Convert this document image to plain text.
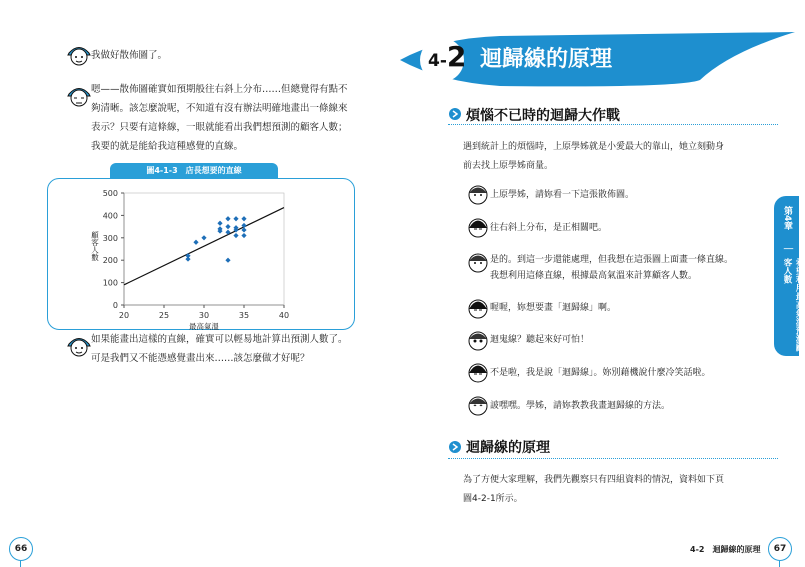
我做好散佈圖了。
嗯——散佈圖確實如預期般往右斜上分布……但總覺得有點不
夠清晰。該怎麼說呢，不知道有沒有辦法明確地畫出一條線來
表示？只要有這條線，一眼就能看出我們想預測的顧客人數；
我要的就是能給我這種感覺的直線。
圖4-1-3　店長想要的直線
0
100
200
300
400
500
20	25	30	35	40
最高氣溫
顧客人數
如果能畫出這樣的直線，確實可以輕易地計算出預測人數了。
可是我們又不能憑感覺畫出來……該怎麼做才好呢？
66
4-2 迴歸線的原理
煩惱不已時的迴歸大作戰
遇到統計上的煩惱時，上原學姊就是小愛最大的靠山，她立刻動身
前去找上原學姊商量。
上原學姊，請妳看一下這張散佈圖。
往右斜上分布，是正相關吧。
是的。到這一步還能處理，但我想在這張圖上面畫一條直線。
我想利用這條直線，根據最高氣溫來計算顧客人數。
喔喔，妳想要畫「迴歸線」啊。
迴鬼線？聽起來好可怕！
不是啦，我是說「迴歸線」。妳別藉機說什麼冷笑話啦。
詖嘿嘿。學姊，請妳教教我畫迴歸線的方法。
迴歸線的原理
為了方便大家理解，我們先觀察只有四組資料的情況，資料如下頁
圖4-2-1所示。
第4章
｜
希望利用最高氣溫預測顧客人數
4-2　迴歸線的原理	67
